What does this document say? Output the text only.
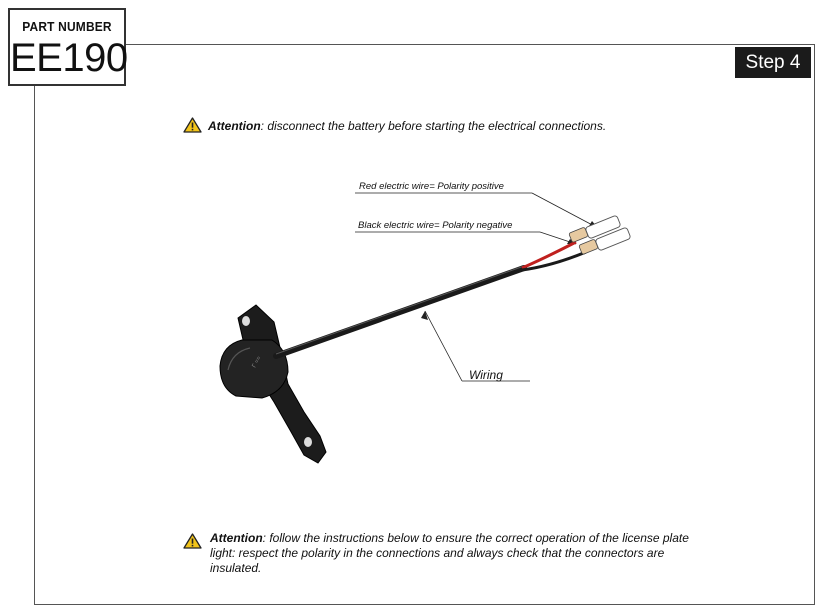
PART NUMBER
EE190	Step 4
Attention: disconnect the battery before starting the electrical connections.
Γ ==
Red electric wire= Polarity positive
Black electric wire= Polarity negative
Wiring
Attention: follow the instructions below to ensure the correct operation of the license plate light: respect the polarity in the connections and always check that the connectors are insulated.
